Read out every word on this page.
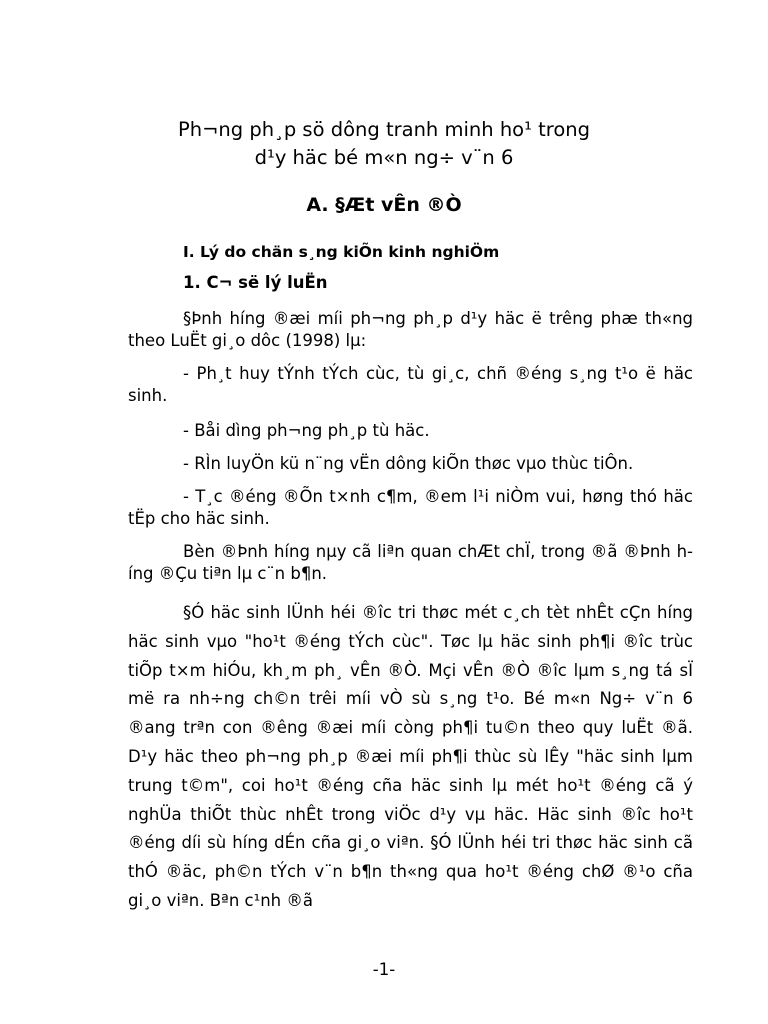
Ph¬ng ph¸p sö dông tranh minh ho¹ trong
d¹y häc bé m«n ng÷ v¨n 6
A. §Æt vÊn ®Ò
I. Lý do chän s¸ng kiÕn kinh nghiÖm
1. C¬ së lý luËn
§Þnh híng ®æi míi ph¬ng ph¸p d¹y häc ë trêng phæ th«ng theo LuËt gi¸o dôc (1998) lµ:
- Ph¸t huy tÝnh tÝch cùc, tù gi¸c, chñ ®éng s¸ng t¹o ë häc sinh.
- Båi dìng ph¬ng ph¸p tù häc.
- RÌn luyÖn kü n¨ng vËn dông kiÕn thøc vµo thùc tiÔn.
- T¸c ®éng ®Õn t×nh c¶m, ®em l¹i niÒm vui, høng thó häc tËp cho häc sinh.
Bèn ®Þnh híng nµy cã liªn quan chÆt chÏ, trong ®ã ®Þnh híng ®Çu tiªn lµ c¨n b¶n.
§Ó häc sinh lÜnh héi ®îc tri thøc mét c¸ch tèt nhÊt cÇn híng häc sinh vµo "ho¹t ®éng tÝch cùc". Tøc lµ häc sinh ph¶i ®îc trùc tiÕp t×m hiÓu, kh¸m ph¸ vÊn ®Ò. Mçi vÊn ®Ò ®îc lµm s¸ng tá sÏ më ra nh÷ng ch©n trêi míi vÒ sù s¸ng t¹o. Bé m«n Ng÷ v¨n 6 ®ang trªn con ®êng ®æi míi còng ph¶i tu©n theo quy luËt ®ã. D¹y häc theo ph¬ng ph¸p ®æi míi ph¶i thùc sù lÊy "häc sinh lµm trung t©m", coi ho¹t ®éng cña häc sinh lµ mét ho¹t ®éng cã ý nghÜa thiÕt thùc nhÊt trong viÖc d¹y vµ häc. Häc sinh ®îc ho¹t ®éng díi sù híng dÉn cña gi¸o viªn. §Ó lÜnh héi tri thøc häc sinh cã thÓ ®äc, ph©n tÝch v¨n b¶n th«ng qua ho¹t ®éng chØ ®¹o cña gi¸o viªn. Bªn c¹nh ®ã
-1-
